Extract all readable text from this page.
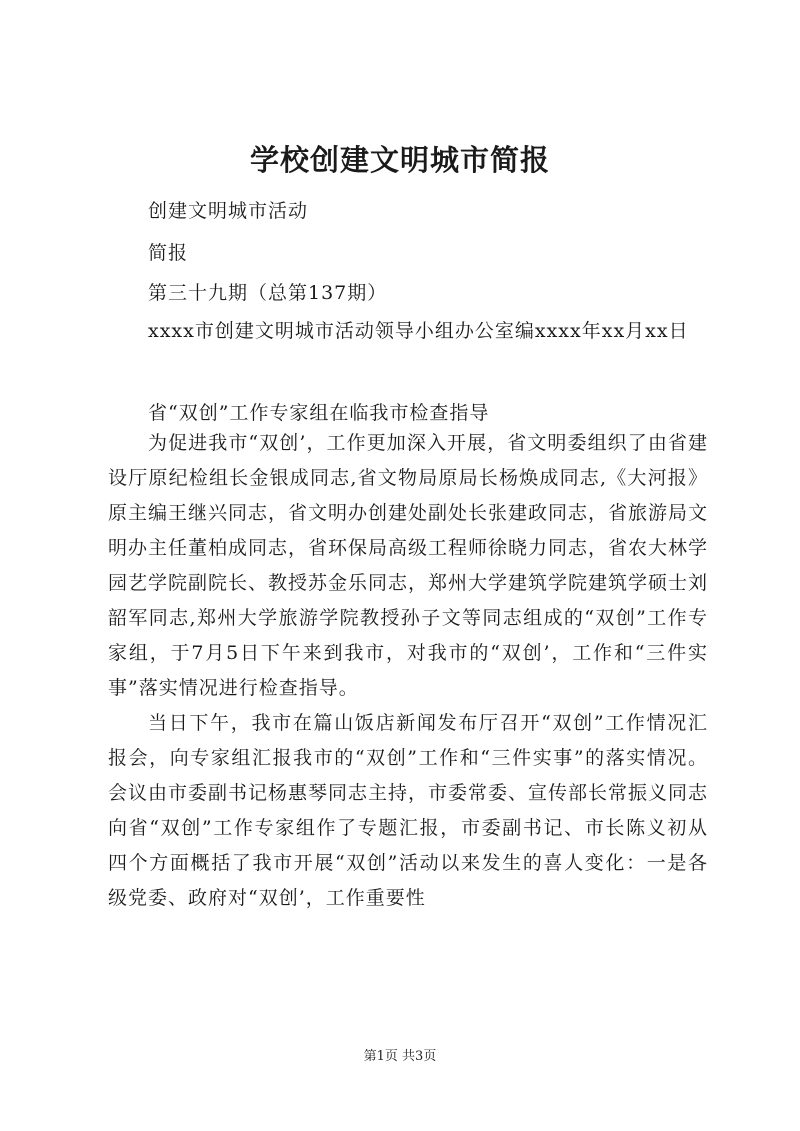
学校创建文明城市简报
创建文明城市活动
简报
第三十九期（总第137期）

xxxx市创建文明城市活动领导小组办公室编xxxx年xx月xx日

省“双创”工作专家组在临我市检查指导

为促进我市“双创’，工作更加深入开展，省文明委组织了由省建设厅原纪检组长金银成同志,省文物局原局长杨焕成同志,《大河报》原主编王继兴同志，省文明办创建处副处长张建政同志，省旅游局文明办主任董柏成同志，省环保局高级工程师徐晓力同志，省农大林学园艺学院副院长、教授苏金乐同志，郑州大学建筑学院建筑学硕士刘韶军同志,郑州大学旅游学院教授孙子文等同志组成的“双创”工作专家组，于7月5日下午来到我市，对我市的“双创’，工作和“三件实事”落实情况进行检查指导。

当日下午，我市在篇山饭店新闻发布厅召开“双创”工作情况汇报会，向专家组汇报我市的“双创”工作和“三件实事”的落实情况。会议由市委副书记杨惠琴同志主持，市委常委、宣传部长常振义同志向省“双创”工作专家组作了专题汇报，市委副书记、市长陈义初从四个方面概括了我市开展“双创”活动以来发生的喜人变化：一是各级党委、政府对“双创’，工作重要性

第1页 共3页
